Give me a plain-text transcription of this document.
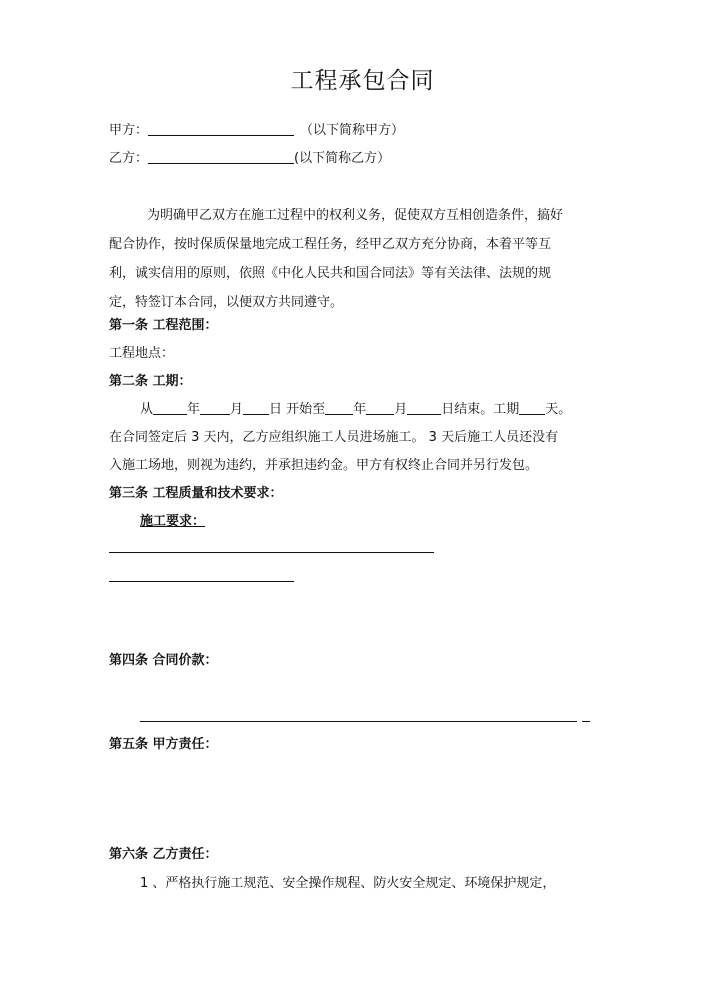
工程承包合同
甲方：	（以下简称甲方）
乙方：	(以下简称乙方）
为明确甲乙双方在施工过程中的权利义务，促使双方互相创造条件，搞好
配合协作，按时保质保量地完成工程任务，经甲乙双方充分协商，本着平等互
利，诚实信用的原则，依照《中化人民共和国合同法》等有关法律、法规的规
定，特签订本合同，以便双方共同遵守。
第一条 工程范围：
工程地点：
第二条 工期：
从	年 月 日 开始至 年 月	日结束。工期 天。
在合同签定后 3 天内，乙方应组织施工人员进场施工。 3 天后施工人员还没有
入施工场地，则视为违约，并承担违约金。甲方有权终止合同并另行发包。
第三条 工程质量和技术要求：
施工要求：
第四条 合同价款：
第五条 甲方责任：
第六条 乙方责任：
1 、严格执行施工规范、安全操作规程、防火安全规定、环境保护规定，
